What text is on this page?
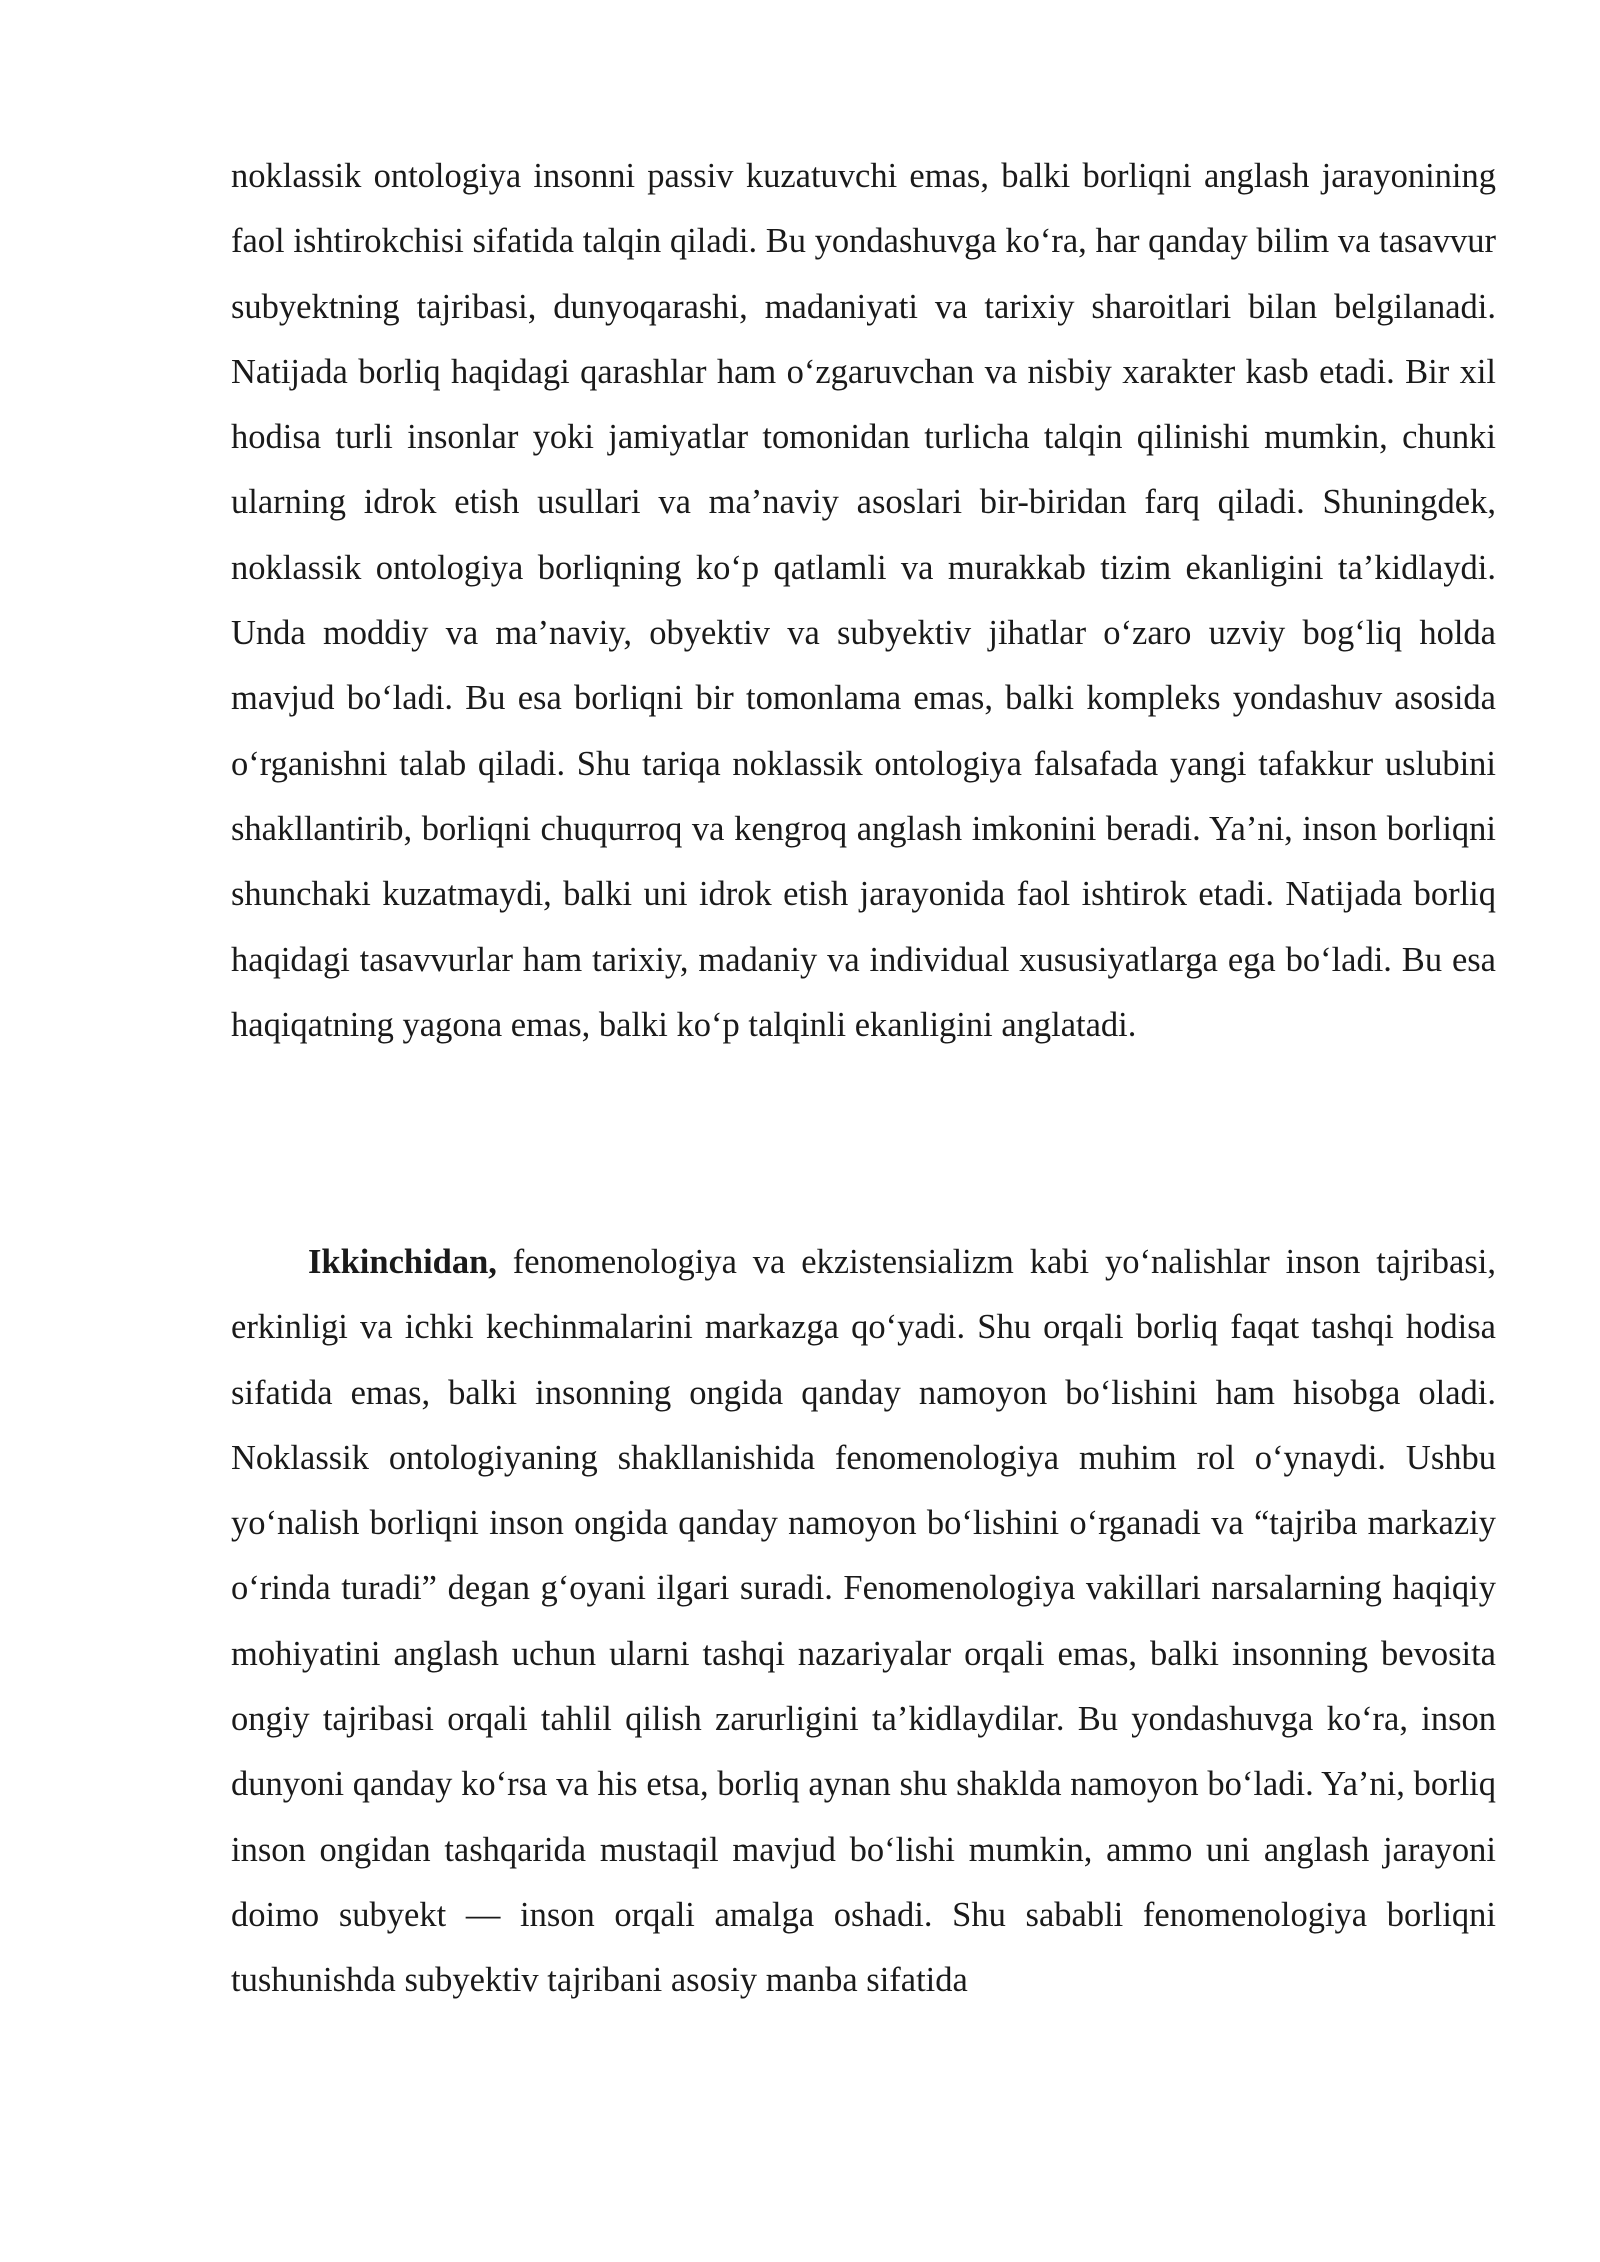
noklassik ontologiya insonni passiv kuzatuvchi emas, balki borliqni anglash jarayonining faol ishtirokchisi sifatida talqin qiladi. Bu yondashuvga ko‘ra, har qanday bilim va tasavvur subyektning tajribasi, dunyoqarashi, madaniyati va tarixiy sharoitlari bilan belgilanadi. Natijada borliq haqidagi qarashlar ham o‘zgaruvchan va nisbiy xarakter kasb etadi. Bir xil hodisa turli insonlar yoki jamiyatlar tomonidan turlicha talqin qilinishi mumkin, chunki ularning idrok etish usullari va ma’naviy asoslari bir-biridan farq qiladi. Shuningdek, noklassik ontologiya borliqning ko‘p qatlamli va murakkab tizim ekanligini ta’kidlaydi. Unda moddiy va ma’naviy, obyektiv va subyektiv jihatlar o‘zaro uzviy bog‘liq holda mavjud bo‘ladi. Bu esa borliqni bir tomonlama emas, balki kompleks yondashuv asosida o‘rganishni talab qiladi. Shu tariqa noklassik ontologiya falsafada yangi tafakkur uslubini shakllantirib, borliqni chuqurroq va kengroq anglash imkonini beradi. Ya’ni, inson borliqni shunchaki kuzatmaydi, balki uni idrok etish jarayonida faol ishtirok etadi. Natijada borliq haqidagi tasavvurlar ham tarixiy, madaniy va individual xususiyatlarga ega bo‘ladi. Bu esa haqiqatning yagona emas, balki ko‘p talqinli ekanligini anglatadi.

Ikkinchidan, fenomenologiya va ekzistensializm kabi yo‘nalishlar inson tajribasi, erkinligi va ichki kechinmalarini markazga qo‘yadi. Shu orqali borliq faqat tashqi hodisa sifatida emas, balki insonning ongida qanday namoyon bo‘lishini ham hisobga oladi. Noklassik ontologiyaning shakllanishida fenomenologiya muhim rol o‘ynaydi. Ushbu yo‘nalish borliqni inson ongida qanday namoyon bo‘lishini o‘rganadi va “tajriba markaziy o‘rinda turadi” degan g‘oyani ilgari suradi. Fenomenologiya vakillari narsalarning haqiqiy mohiyatini anglash uchun ularni tashqi nazariyalar orqali emas, balki insonning bevosita ongiy tajribasi orqali tahlil qilish zarurligini ta’kidlaydilar. Bu yondashuvga ko‘ra, inson dunyoni qanday ko‘rsa va his etsa, borliq aynan shu shaklda namoyon bo‘ladi. Ya’ni, borliq inson ongidan tashqarida mustaqil mavjud bo‘lishi mumkin, ammo uni anglash jarayoni doimo subyekt — inson orqali amalga oshadi. Shu sababli fenomenologiya borliqni tushunishda subyektiv tajribani asosiy manba sifatida
